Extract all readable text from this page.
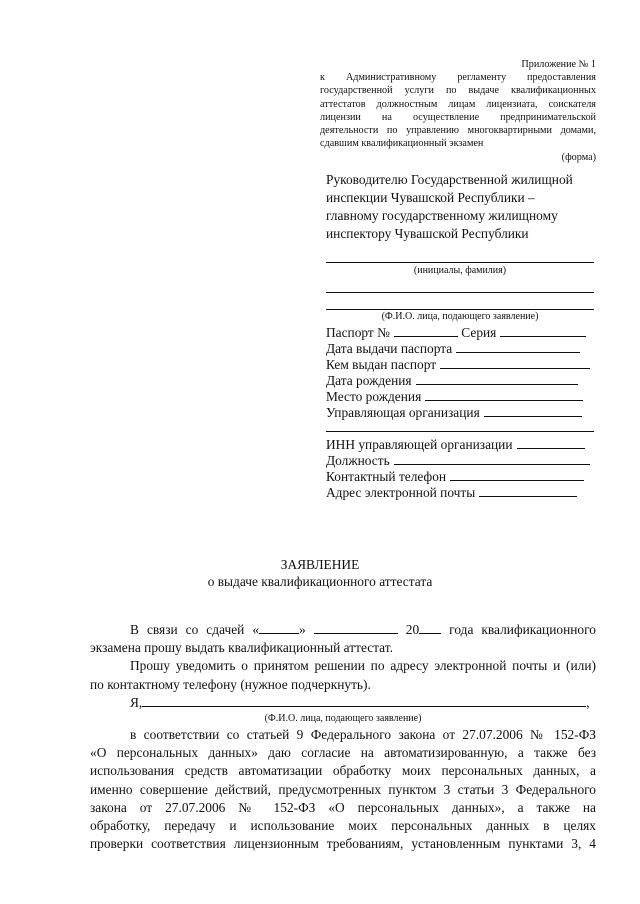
Приложение № 1
к Административному регламенту предоставления
государственной услуги по выдаче квалификационных
аттестатов должностным лицам лицензиата, соискателя
лицензии на осуществление предпринимательской
деятельности по управлению многоквартирными домами,
сдавшим квалификационный экзамен
(форма)
Руководителю Государственной жилищной
инспекции Чувашской Республики –
главному государственному жилищному
инспектору Чувашской Республики
(инициалы, фамилия)
(Ф.И.О. лица, подающего заявление)
Паспорт №	Серия
Дата выдачи паспорта
Кем выдан паспорт
Дата рождения
Место рождения
Управляющая организация
ИНН управляющей организации
Должность
Контактный телефон
Адрес электронной почты
ЗАЯВЛЕНИЕ
о выдаче квалификационного аттестата
В связи со сдачей «	»	20 года квалификационного
экзамена прошу выдать квалификационный аттестат.
Прошу уведомить о принятом решении по адресу электронной почты и (или)
по контактному телефону (нужное подчеркнуть).
Я,	,
(Ф.И.О. лица, подающего заявление)
в соответствии со статьей 9 Федерального закона от 27.07.2006 № 152-ФЗ
«О персональных данных» даю согласие на автоматизированную, а также без
использования средств автоматизации обработку моих персональных данных, а
именно совершение действий, предусмотренных пунктом 3 статьи 3 Федерального
закона от 27.07.2006 № 152-ФЗ «О персональных данных», а также на
обработку, передачу и использование моих персональных данных в целях
проверки соответствия лицензионным требованиям, установленным пунктами 3, 4
